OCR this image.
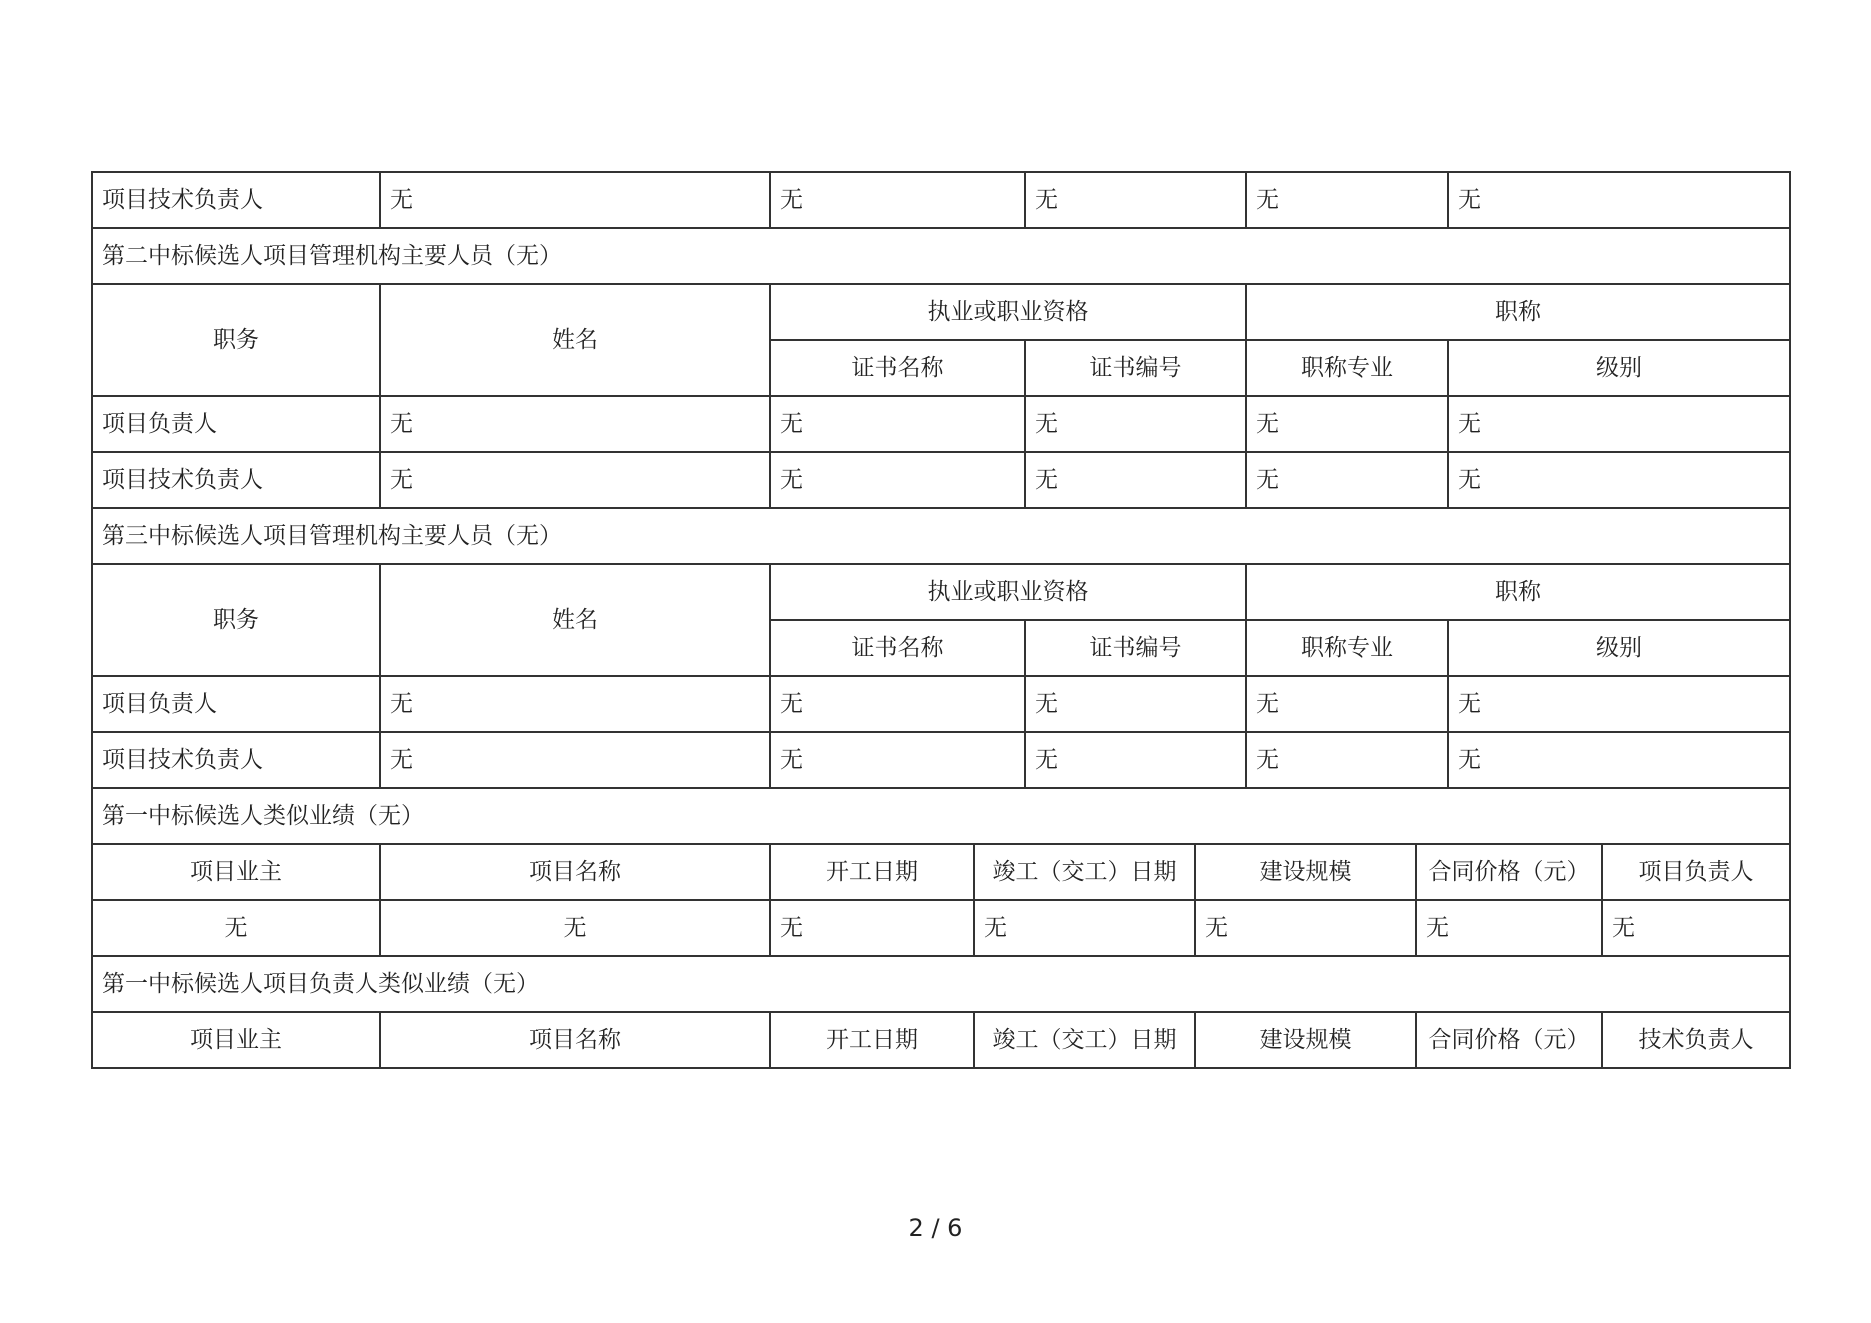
项目技术负责人	无	无		无		无		无	
第二中标候选人项目管理机构主要人员（无）									
职务	姓名	执业或职业资格				职称			
		证书名称		证书编号		职称专业		级别	
项目负责人	无	无		无		无		无	
项目技术负责人	无	无		无		无		无	
第三中标候选人项目管理机构主要人员（无）									
职务	姓名	执业或职业资格				职称			
		证书名称		证书编号		职称专业		级别	
项目负责人	无	无		无		无		无	
项目技术负责人	无	无		无		无		无	
第一中标候选人类似业绩（无）									
项目业主	项目名称	开工日期	竣工（交工）日期		建设规模		合同价格（元）		项目负责人
无	无	无	无		无		无		无
第一中标候选人项目负责人类似业绩（无）									
项目业主	项目名称	开工日期	竣工（交工）日期		建设规模		合同价格（元）		技术负责人
2 / 6
